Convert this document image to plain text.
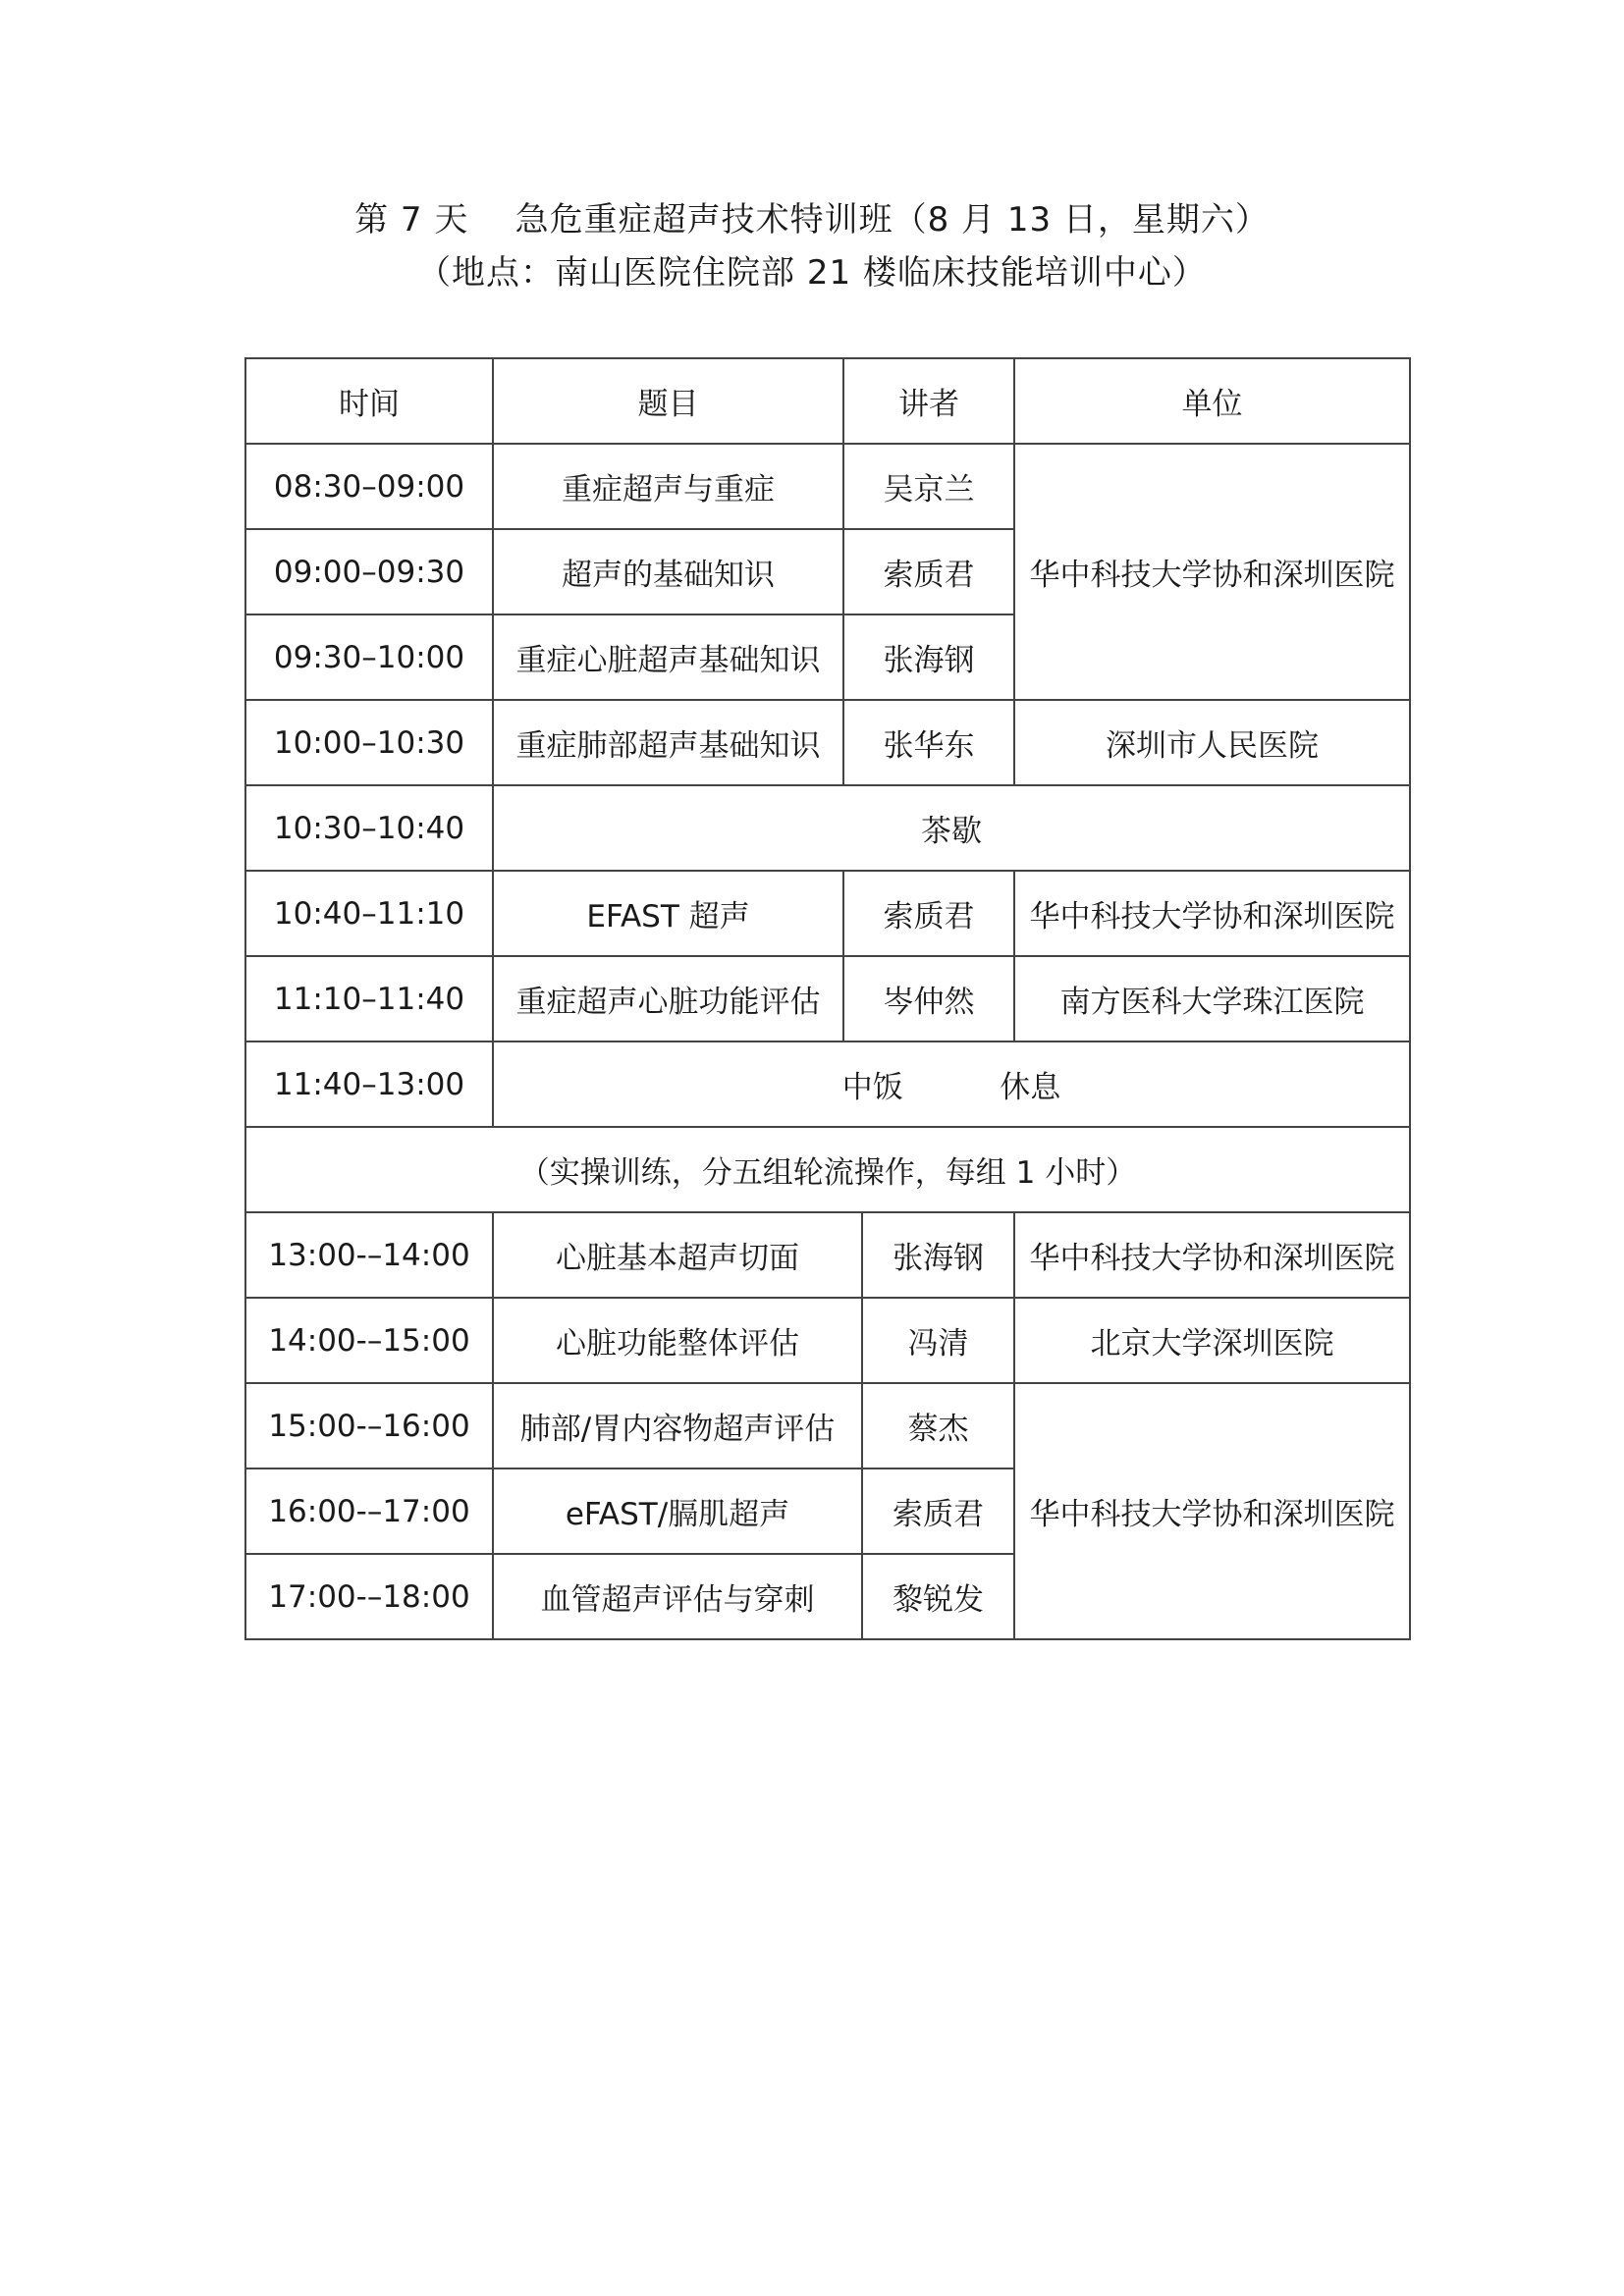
第 7 天    急危重症超声技术特训班（8 月 13 日，星期六）
（地点：南山医院住院部 21 楼临床技能培训中心）
时间	题目	讲者		单位
08:30–09:00	重症超声与重症	吴京兰		华中科技大学协和深圳医院
09:00–09:30	超声的基础知识	索质君		
09:30–10:00	重症心脏超声基础知识	张海钢		
10:00–10:30	重症肺部超声基础知识	张华东		深圳市人民医院
10:30–10:40	茶歇			
10:40–11:10	EFAST 超声	索质君		华中科技大学协和深圳医院
11:10–11:40	重症超声心脏功能评估	岑仲然		南方医科大学珠江医院
11:40–13:00	中饭          休息			
（实操训练，分五组轮流操作，每组 1 小时）				
13:00-–14:00	心脏基本超声切面		张海钢	华中科技大学协和深圳医院
14:00-–15:00	心脏功能整体评估		冯清	北京大学深圳医院
15:00-–16:00	肺部/胃内容物超声评估		蔡杰	华中科技大学协和深圳医院
16:00-–17:00	eFAST/膈肌超声		索质君	
17:00-–18:00	血管超声评估与穿刺		黎锐发	
